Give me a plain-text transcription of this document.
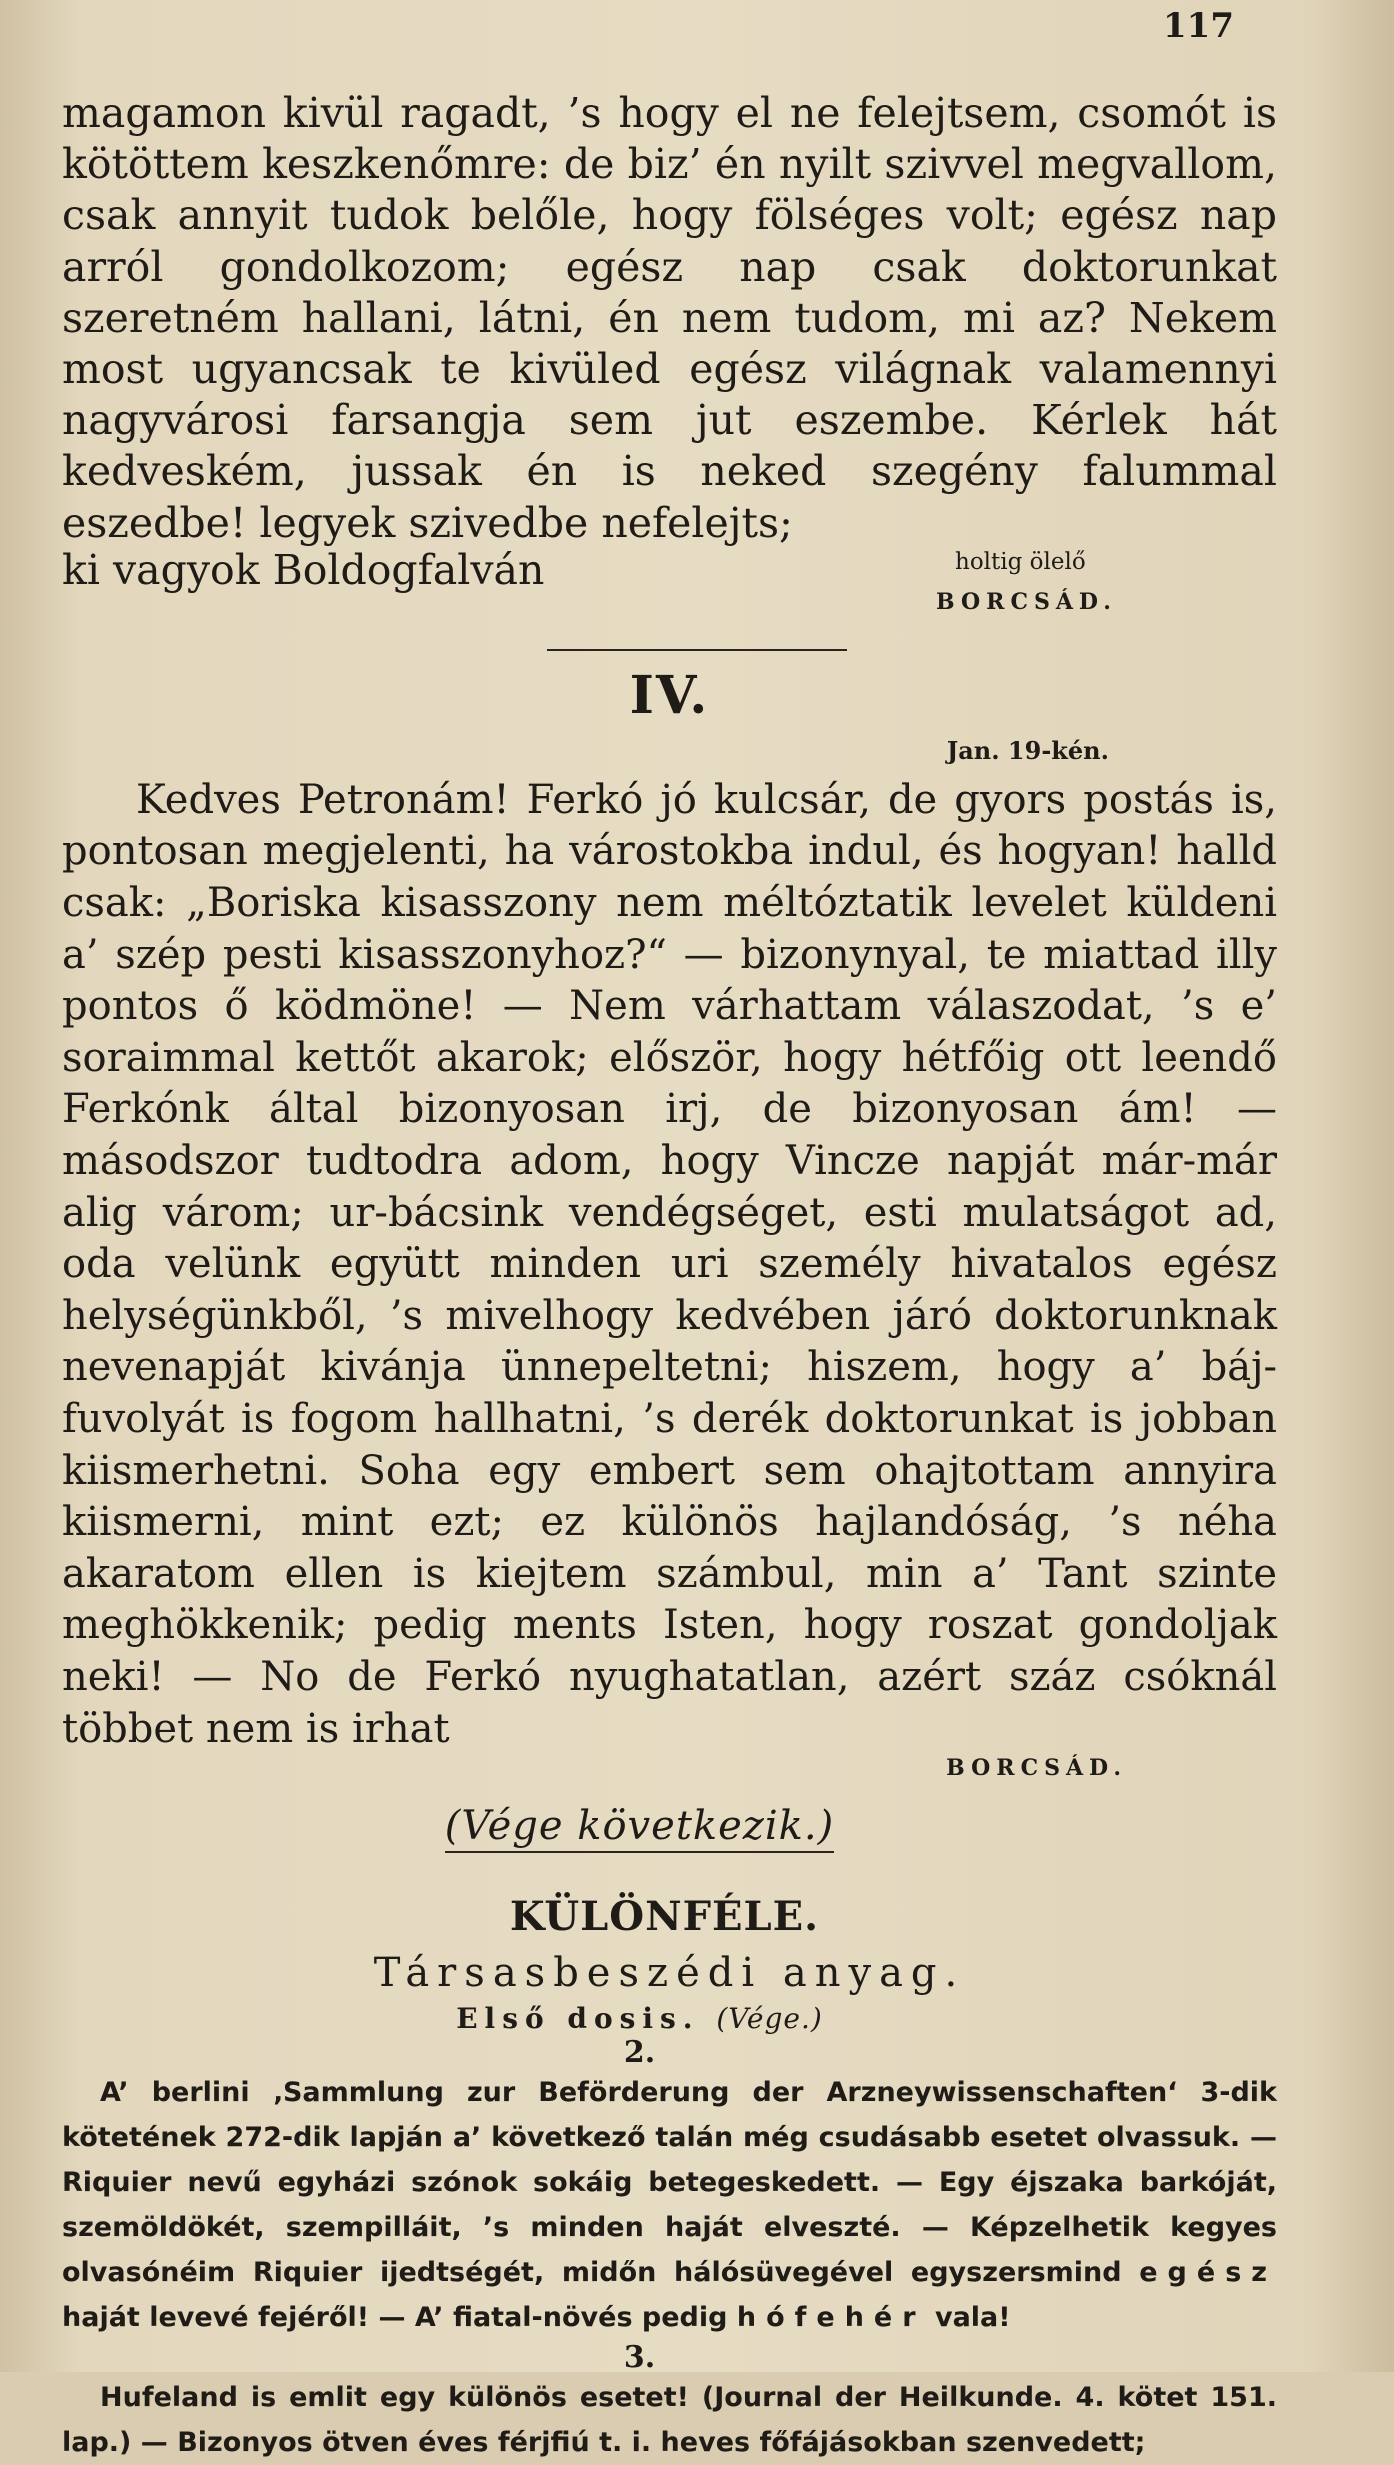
117

magamon kivül ragadt, ’s hogy el ne felejtsem, csomót is kötöttem keszkenőmre: de biz’ én nyilt szivvel megvallom, csak annyit tudok belőle, hogy fölséges volt; egész nap arról gondolkozom; egész nap csak doktorunkat szeretném hallani, látni, én nem tudom, mi az? Nekem most ugyancsak te kivüled egész világnak valamennyi nagyvárosi farsangja sem jut eszembe. Kérlek hát kedveském, jussak én is neked szegény falummal eszedbe! legyek szivedbe nefelejts;

ki vagyok Boldogfalván	holtig ölelő
BORCSÁD.
IV.
Jan. 19-kén.

Kedves Petronám! Ferkó jó kulcsár, de gyors postás is, pontosan megjelenti, ha várostokba indul, és hogyan! halld csak: „Boriska kisasszony nem méltóztatik levelet küldeni a’ szép pesti kisasszonyhoz?“ — bizonynyal, te miattad illy pontos ő ködmöne! — Nem várhattam válaszodat, ’s e’ soraimmal kettőt akarok; először, hogy hétfőig ott leendő Ferkónk által bizonyosan irj, de bizonyosan ám! — másodszor tudtodra adom, hogy Vincze napját már-már alig várom; ur-bácsink vendégséget, esti mulatságot ad, oda velünk együtt minden uri személy hivatalos egész helységünkből, ’s mivelhogy kedvében járó doktorunknak nevenapját kivánja ünnepeltetni; hiszem, hogy a’ báj-fuvolyát is fogom hallhatni, ’s derék doktorunkat is jobban kiismerhetni. Soha egy embert sem ohajtottam annyira kiismerni, mint ezt; ez különös hajlandóság, ’s néha akaratom ellen is kiejtem számbul, min a’ Tant szinte meghökkenik; pedig ments Isten, hogy roszat gondoljak neki! — No de Ferkó nyughatatlan, azért száz csóknál többet nem is irhat

BORCSÁD.
(Vége következik.)
KÜLÖNFÉLE.
Társasbeszédi anyag.
Első dosis. (Vége.)
2.

A’ berlini ‚Sammlung zur Beförderung der Arzneywissenschaften‘ 3-dik kötetének 272-dik lapján a’ következő talán még csudásabb esetet olvassuk. — Riquier nevű egyházi szónok sokáig betegeskedett. — Egy éjszaka barkóját, szemöldökét, szempilláit, ’s minden haját elveszté. — Képzelhetik kegyes olvasónéim Riquier ijedtségét, midőn hálósüvegével egyszersmind egész haját levevé fejéről! — A’ fiatal-növés pedig hófehér vala!

3.

Hufeland is emlit egy különös esetet! (Journal der Heilkunde. 4. kötet 151. lap.) — Bizonyos ötven éves férjfiú t. i. heves főfájásokban szenvedett;
